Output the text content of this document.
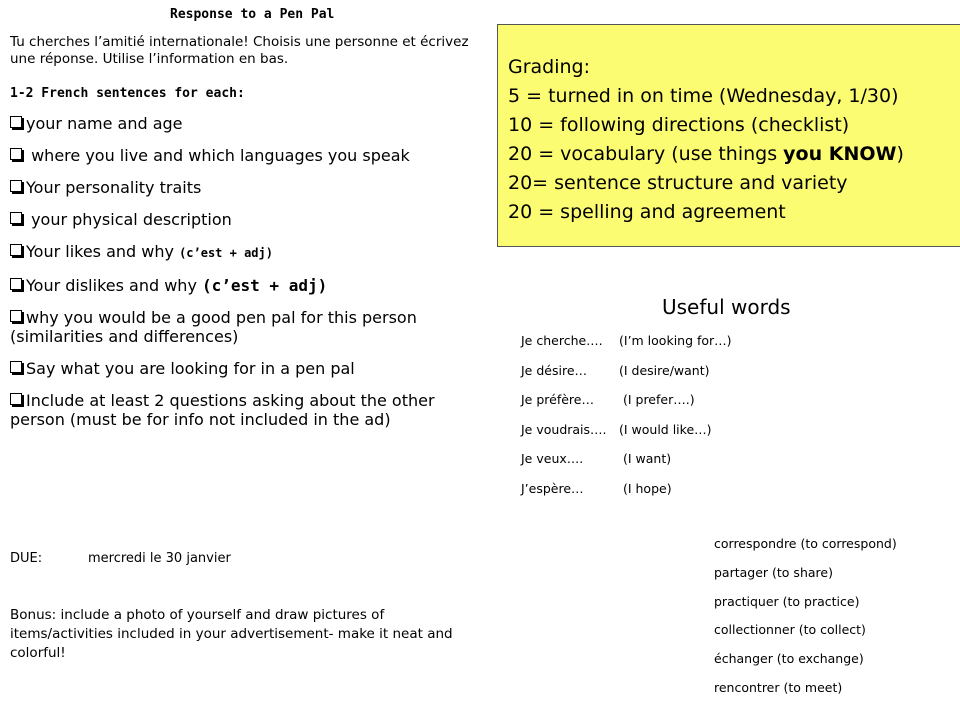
Response to a Pen Pal
Tu cherches l’amitié internationale! Choisis une personne et écrivez une réponse. Utilise l’information en bas.
1-2 French sentences for each:
your name and age
where you live and which languages you speak
Your personality traits
your physical description
Your likes and why (c’est + adj)
Your dislikes and why (c’est + adj)
why you would be a good pen pal for this person (similarities and differences)
Say what you are looking for in a pen pal
Include at least 2 questions asking about the other person (must be for info not included in the ad)
DUE:	mercredi le 30 janvier
Bonus: include a photo of yourself and draw pictures of items/activities included in your advertisement- make it neat and colorful!
Grading:
5 = turned in on time (Wednesday, 1/30)
10 = following directions (checklist)
20 = vocabulary (use things you KNOW)
20= sentence structure and variety
20 = spelling and agreement
Useful words
Je cherche…. (I’m looking for…)
Je désire…	(I desire/want)
Je préfère… (I prefer….)
Je voudrais…. (I would like…)
Je veux….	(I want)
J’espère…	(I hope)
correspondre (to correspond)
partager (to share)
practiquer (to practice)
collectionner (to collect)
échanger (to exchange)
rencontrer (to meet)
